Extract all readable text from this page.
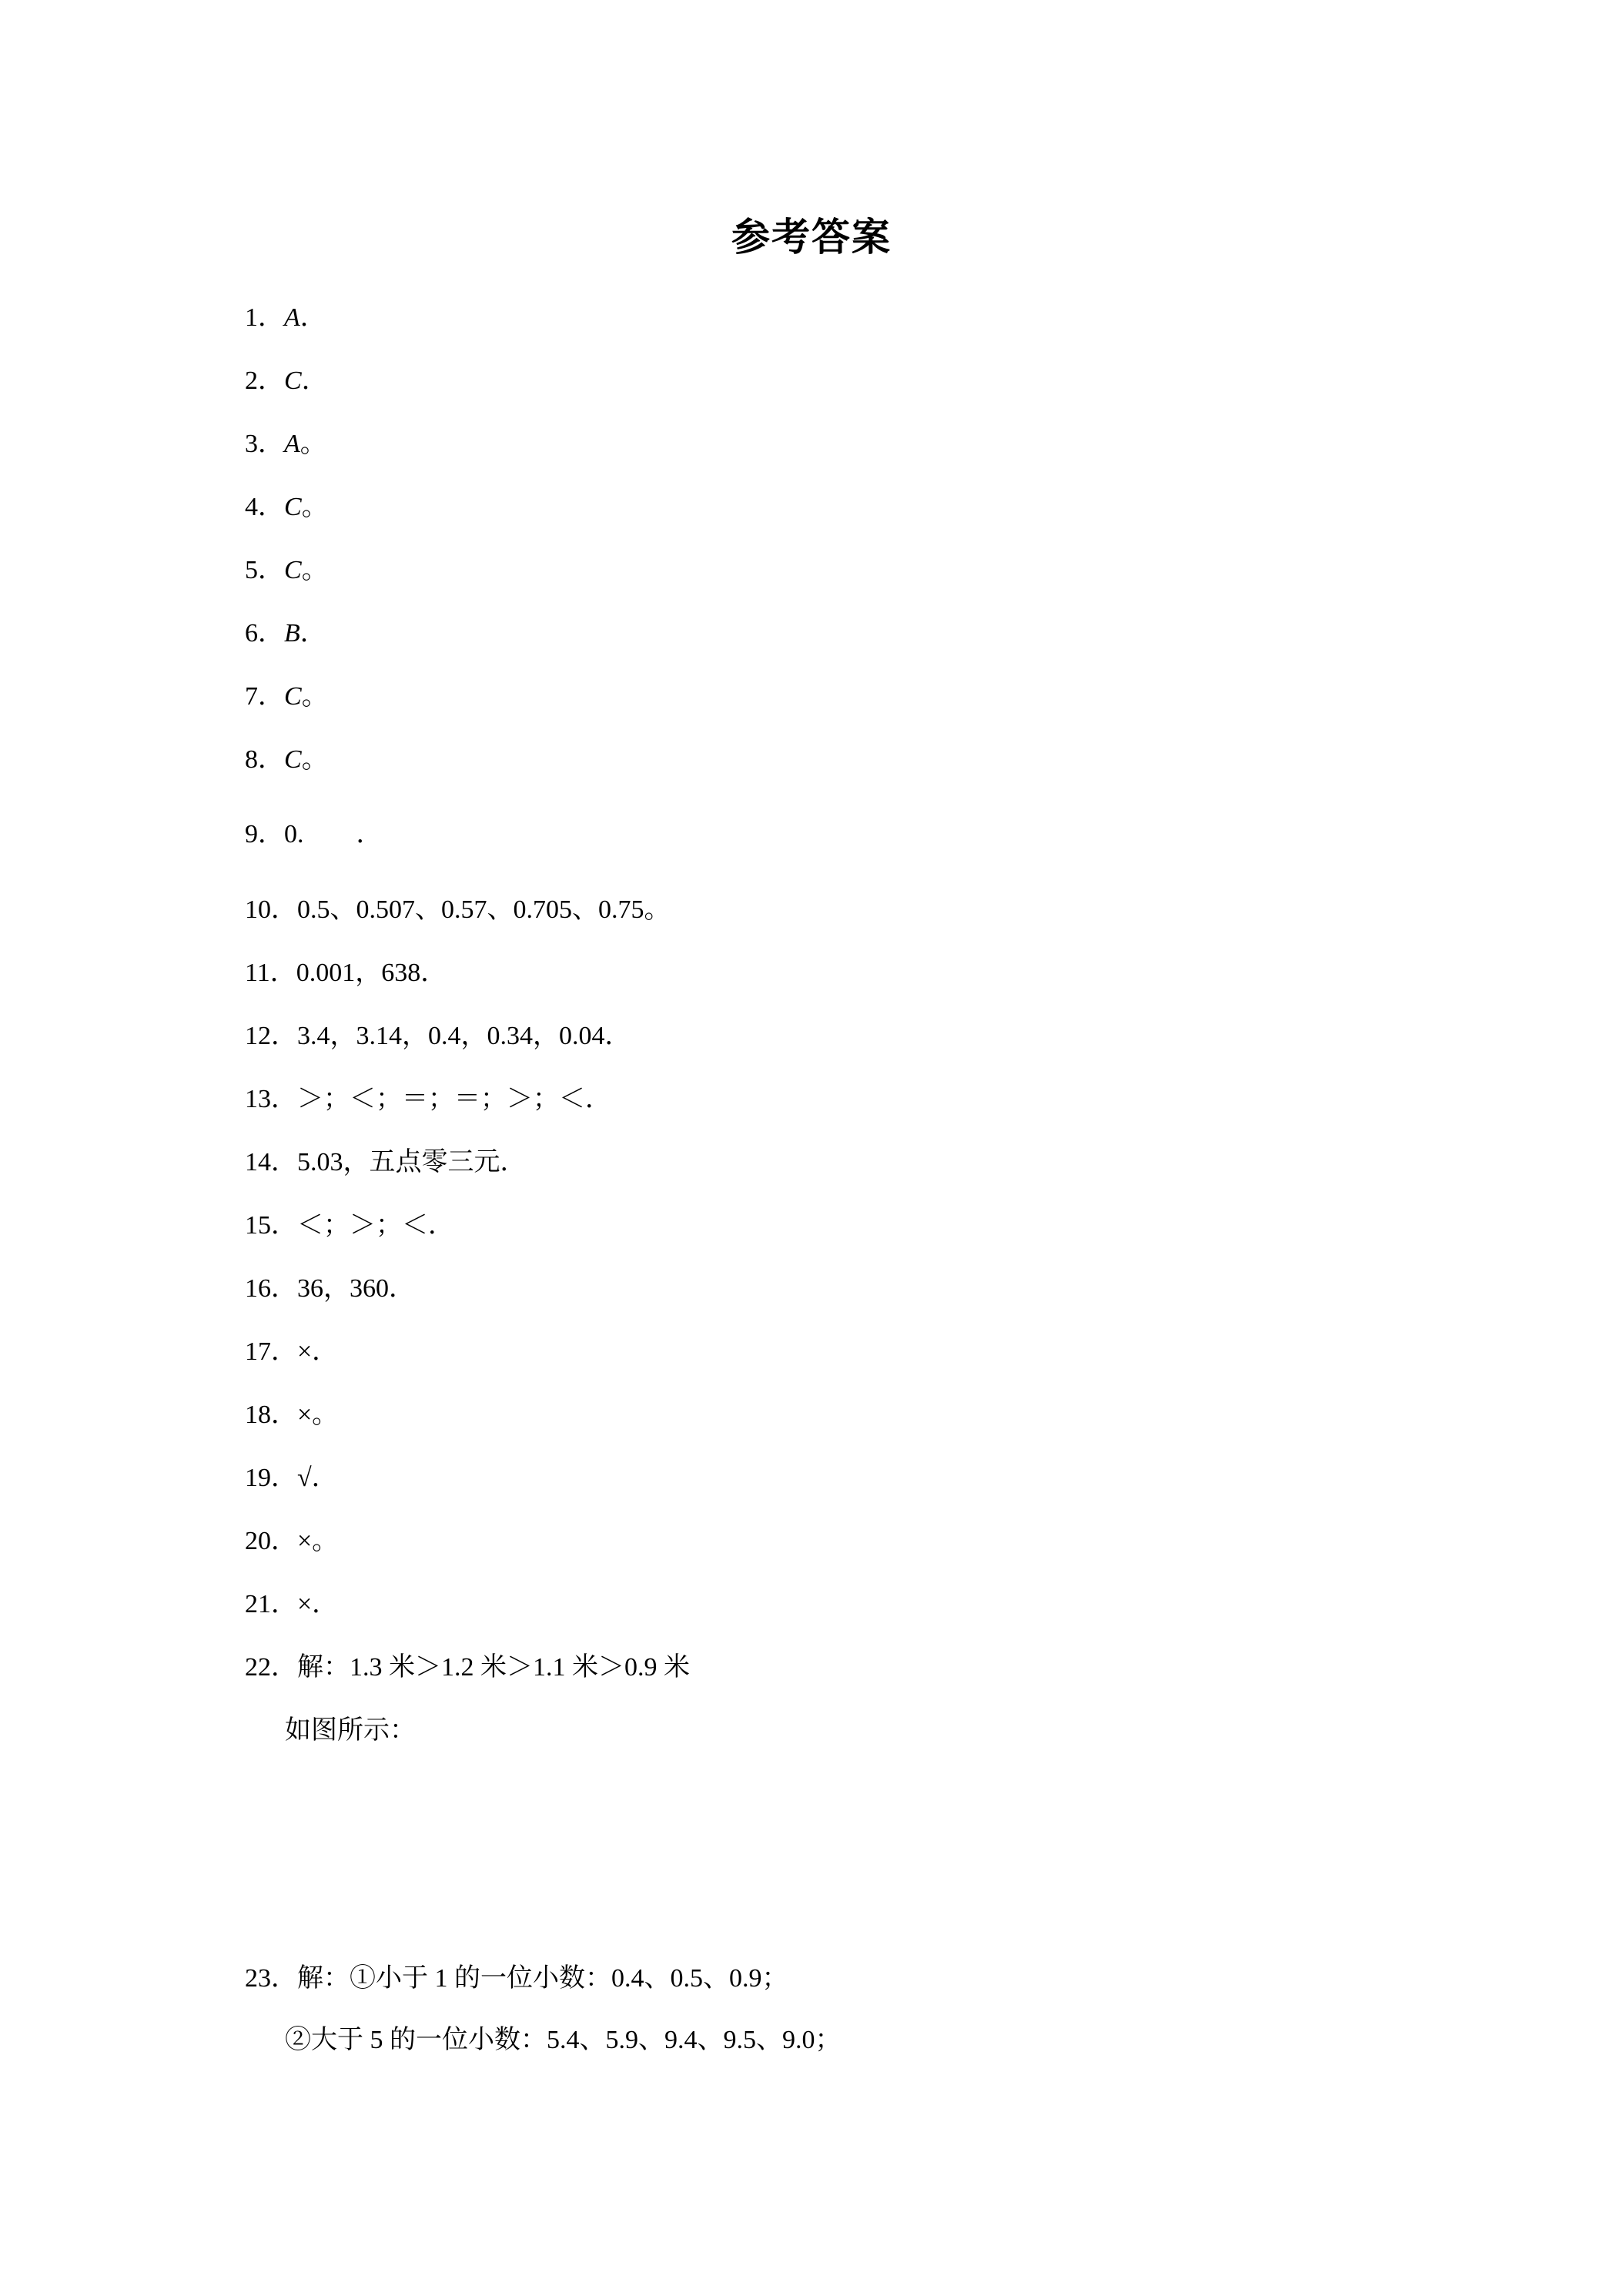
参考答案
1．A．
2．C．
3．A。
4．C。
5．C。
6．B．
7．C。
8．C。
9．0.        ．
10．0.5、0.507、0.57、0.705、0.75。
11．0.001，638．
12．3.4，3.14，0.4，0.34，0.04．
13．＞；＜；＝；＝；＞；＜．
14．5.03，五点零三元．
15．＜；＞；＜．
16．36，360．
17．×．
18．×。
19．√．
20．×。
21．×．
22．解：1.3 米＞1.2 米＞1.1 米＞0.9 米
如图所示：
23．解：①小于 1 的一位小数：0.4、0.5、0.9；
②大于 5 的一位小数：5.4、5.9、9.4、9.5、9.0；
